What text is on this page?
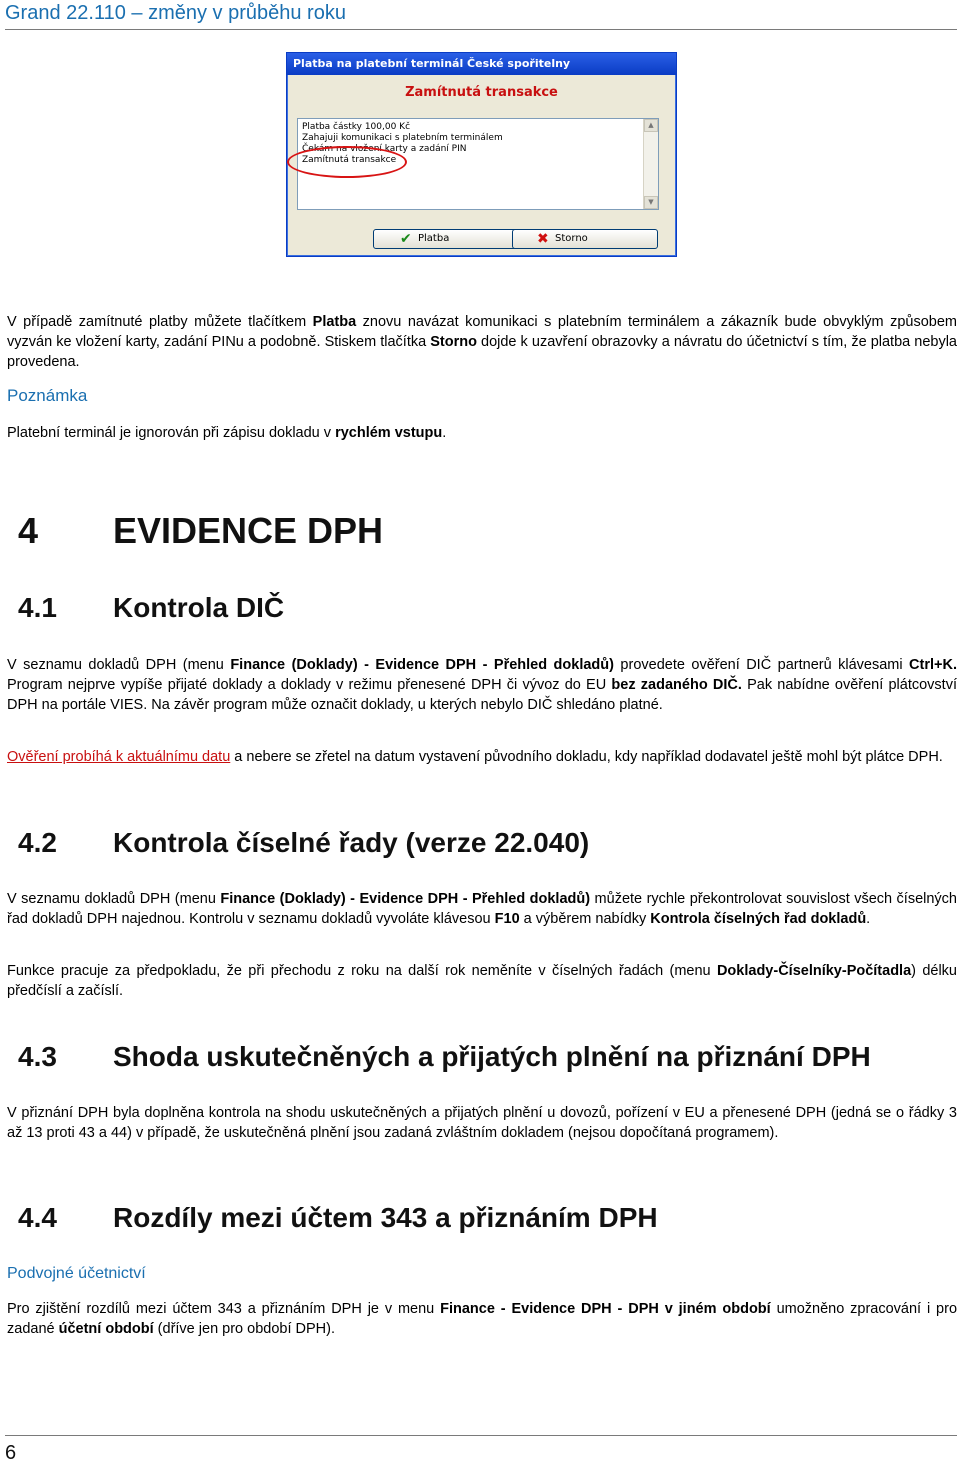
Grand 22.110 – změny v průběhu roku
Platba na platební terminál České spořitelny
Zamítnutá transakce
Platba částky 100,00 Kč
Zahajuji komunikaci s platebním terminálem
Čekám na vložení karty a zadání PIN
Zamítnutá transakce
▲
▼
✔ Platba	✖ Storno
V případě zamítnuté platby můžete tlačítkem Platba znovu navázat komunikaci s platebním terminálem a zákazník bude obvyklým způsobem vyzván ke vložení karty, zadání PINu a podobně. Stiskem tlačítka Storno dojde k uzavření obrazovky a návratu do účetnictví s tím, že platba nebyla provedena.
Poznámka
Platební terminál je ignorován při zápisu dokladu v rychlém vstupu.
4 EVIDENCE DPH
4.1 Kontrola DIČ
V seznamu dokladů DPH (menu Finance (Doklady) - Evidence DPH - Přehled dokladů) provedete ověření DIČ partnerů klávesami Ctrl+K. Program nejprve vypíše přijaté doklady a doklady v režimu přenesené DPH či vývoz do EU bez zadaného DIČ. Pak nabídne ověření plátcovství DPH na portále VIES. Na závěr program může označit doklady, u kterých nebylo DIČ shledáno platné.
Ověření probíhá k aktuálnímu datu a nebere se zřetel na datum vystavení původního dokladu, kdy například dodavatel ještě mohl být plátce DPH.
4.2 Kontrola číselné řady (verze 22.040)
V seznamu dokladů DPH (menu Finance (Doklady) - Evidence DPH - Přehled dokladů) můžete rychle překontrolovat souvislost všech číselných řad dokladů DPH najednou. Kontrolu v seznamu dokladů vyvoláte klávesou F10 a výběrem nabídky Kontrola číselných řad dokladů.
Funkce pracuje za předpokladu, že při přechodu z roku na další rok neměníte v číselných řadách (menu Doklady-Číselníky-Počítadla) délku předčíslí a začíslí.
4.3 Shoda uskutečněných a přijatých plnění na přiznání DPH
V přiznání DPH byla doplněna kontrola na shodu uskutečněných a přijatých plnění u dovozů, pořízení v EU a přenesené DPH (jedná se o řádky 3 až 13 proti 43 a 44) v případě, že uskutečněná plnění jsou zadaná zvláštním dokladem (nejsou dopočítaná programem).
4.4 Rozdíly mezi účtem 343 a přiznáním DPH
Podvojné účetnictví
Pro zjištění rozdílů mezi účtem 343 a přiznáním DPH je v menu Finance - Evidence DPH - DPH v jiném období umožněno zpracování i pro zadané účetní období (dříve jen pro období DPH).
6
